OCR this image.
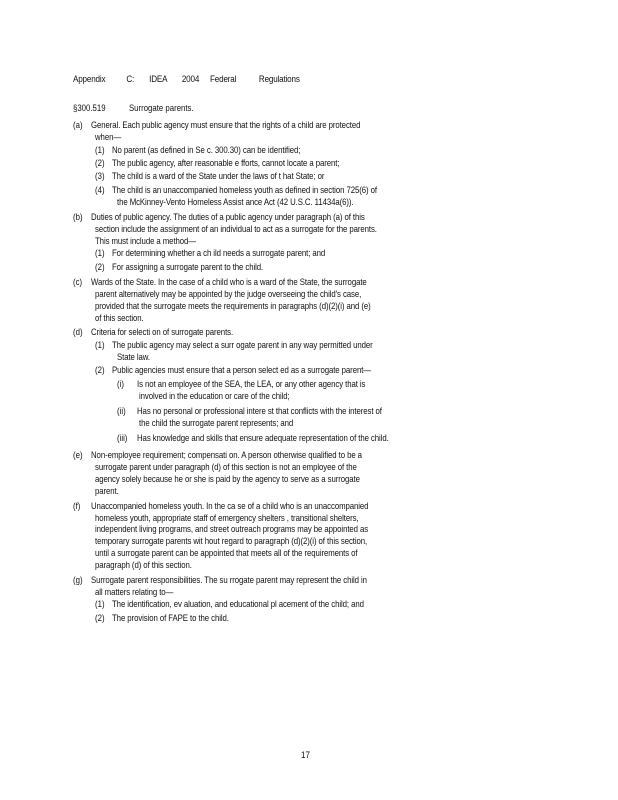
Appendix C: IDEA 2004 Federal	Regulations
§300.519	Surrogate parents.
(a) General. Each public agency must ensure that the rights of a child are protected
when—
(1) No parent (as defined in Se c. 300.30) can be identified;
(2) The public agency, after reasonable e fforts, cannot locate a parent;
(3) The child is a ward of the State under the laws of t hat State; or
(4) The child is an unaccompanied homeless youth as defined in section 725(6) of
the McKinney-Vento Homeless Assist ance Act (42 U.S.C. 11434a(6)).
(b) Duties of public agency. The duties of a public agency under paragraph (a) of this
section include the assignment of an individual to act as a surrogate for the parents.
This must include a method—
(1) For determining whether a ch ild needs a surrogate parent; and
(2) For assigning a surrogate parent to the child.
(c) Wards of the State. In the case of a child who is a ward of the State, the surrogate
parent alternatively may be appointed by the judge overseeing the child's case,
provided that the surrogate meets the requirements in paragraphs (d)(2)(i) and (e)
of this section.
(d) Criteria for selecti on of surrogate parents.
(1) The public agency may select a surr ogate parent in any way permitted under
State law.
(2) Public agencies must ensure that a person select ed as a surrogate parent—
(i) Is not an employee of the SEA, the LEA, or any other agency that is
involved in the education or care of the child;
(ii) Has no personal or professional intere st that conflicts with the interest of
the child the surrogate parent represents; and
(iii) Has knowledge and skills that ensure adequate representation of the child.
(e) Non-employee requirement; compensati on. A person otherwise qualified to be a
surrogate parent under paragraph (d) of this section is not an employee of the
agency solely because he or she is paid by the agency to serve as a surrogate
parent.
(f) Unaccompanied homeless youth. In the ca se of a child who is an unaccompanied
homeless youth, appropriate staff of emergency shelters , transitional shelters,
independent living programs, and street outreach programs may be appointed as
temporary surrogate parents wit hout regard to paragraph (d)(2)(i) of this section,
until a surrogate parent can be appointed that meets all of the requirements of
paragraph (d) of this section.
(g) Surrogate parent responsibilities. The su rrogate parent may represent the child in
all matters relating to—
(1) The identification, ev aluation, and educational pl acement of the child; and
(2) The provision of FAPE to the child.
17
